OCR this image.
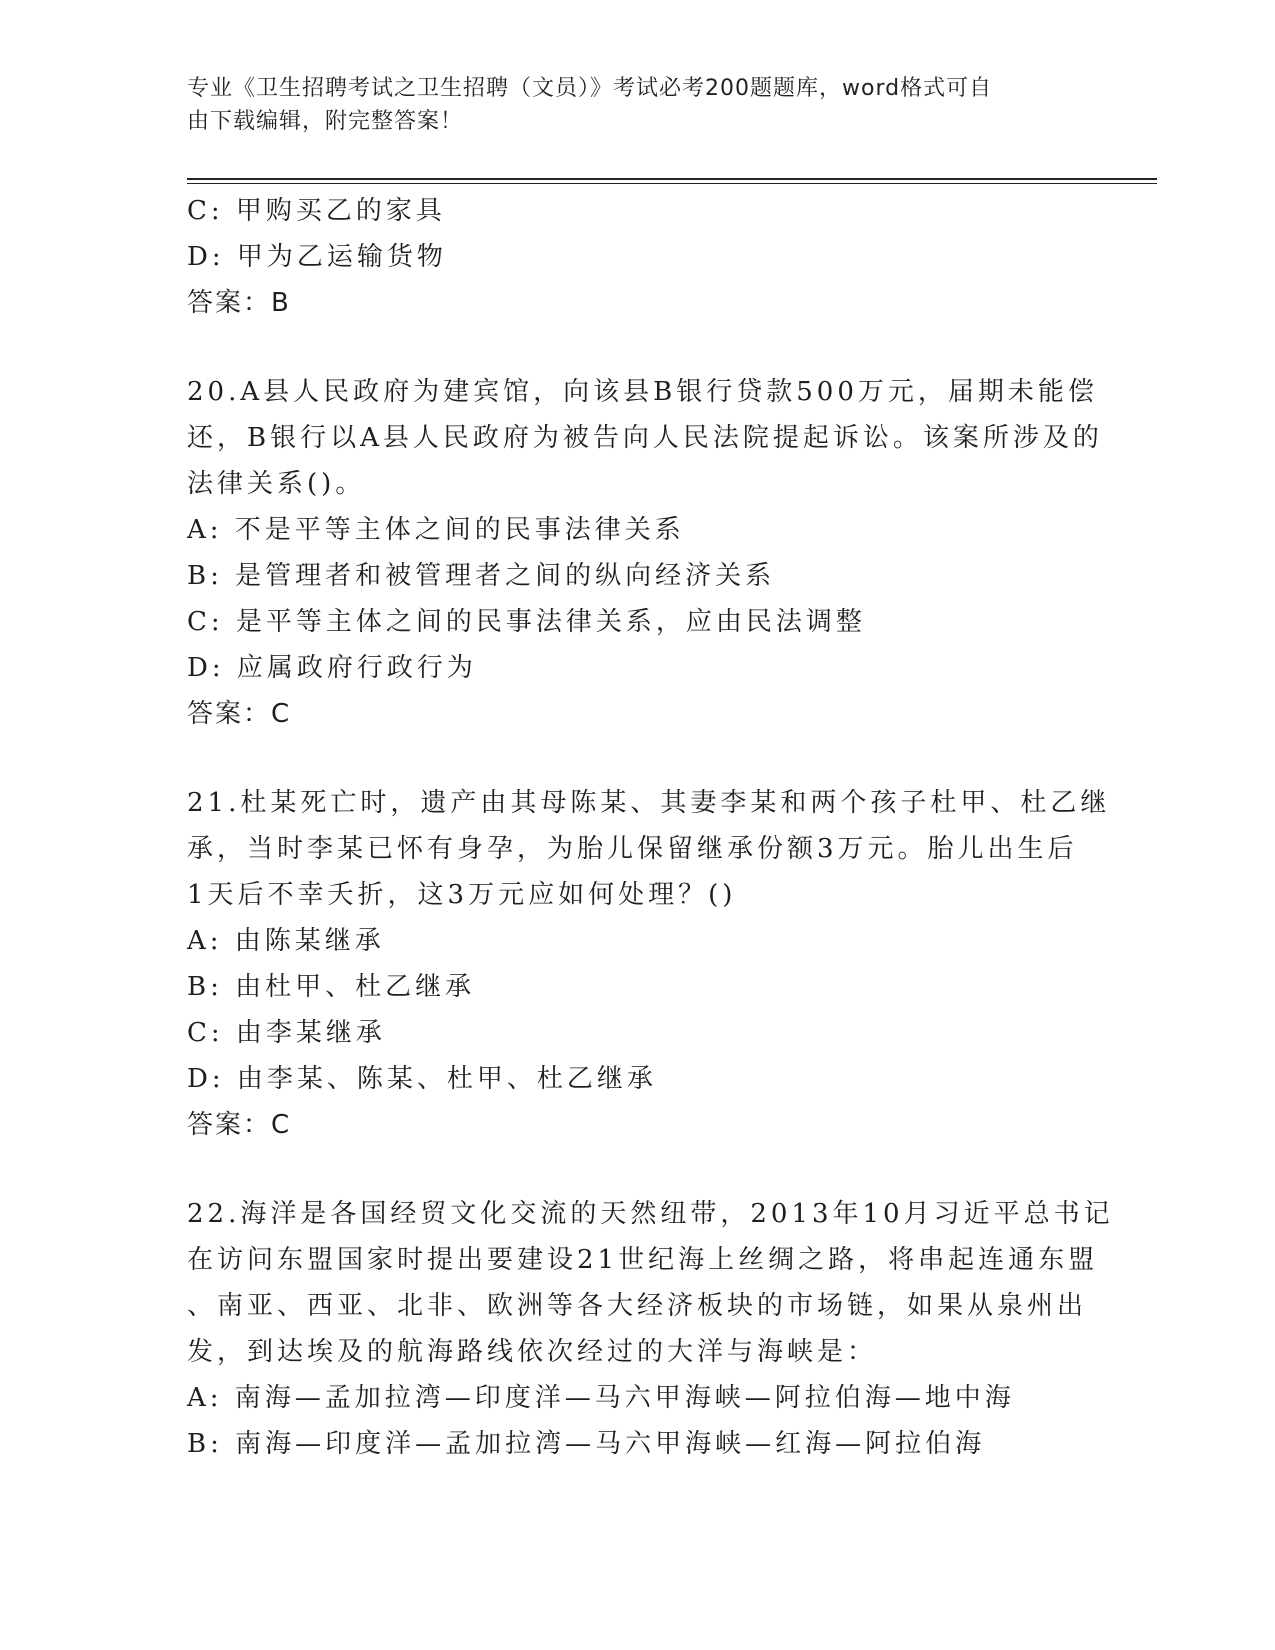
专业《卫生招聘考试之卫生招聘（文员）》考试必考200题题库，word格式可自
由下载编辑，附完整答案！
C: 甲购买乙的家具
D: 甲为乙运输货物
答案：B
20.A县人民政府为建宾馆，向该县B银行贷款500万元，届期未能偿
还，B银行以A县人民政府为被告向人民法院提起诉讼。该案所涉及的
法律关系()。
A: 不是平等主体之间的民事法律关系
B: 是管理者和被管理者之间的纵向经济关系
C: 是平等主体之间的民事法律关系，应由民法调整
D: 应属政府行政行为
答案：C
21.杜某死亡时，遗产由其母陈某、其妻李某和两个孩子杜甲、杜乙继
承，当时李某已怀有身孕，为胎儿保留继承份额3万元。胎儿出生后
1天后不幸夭折，这3万元应如何处理？()
A: 由陈某继承
B: 由杜甲、杜乙继承
C: 由李某继承
D: 由李某、陈某、杜甲、杜乙继承
答案：C
22.海洋是各国经贸文化交流的天然纽带，2013年10月习近平总书记
在访问东盟国家时提出要建设21世纪海上丝绸之路，将串起连通东盟
、南亚、西亚、北非、欧洲等各大经济板块的市场链，如果从泉州出
发，到达埃及的航海路线依次经过的大洋与海峡是：
A: 南海—孟加拉湾—印度洋—马六甲海峡—阿拉伯海—地中海
B: 南海—印度洋—孟加拉湾—马六甲海峡—红海—阿拉伯海
